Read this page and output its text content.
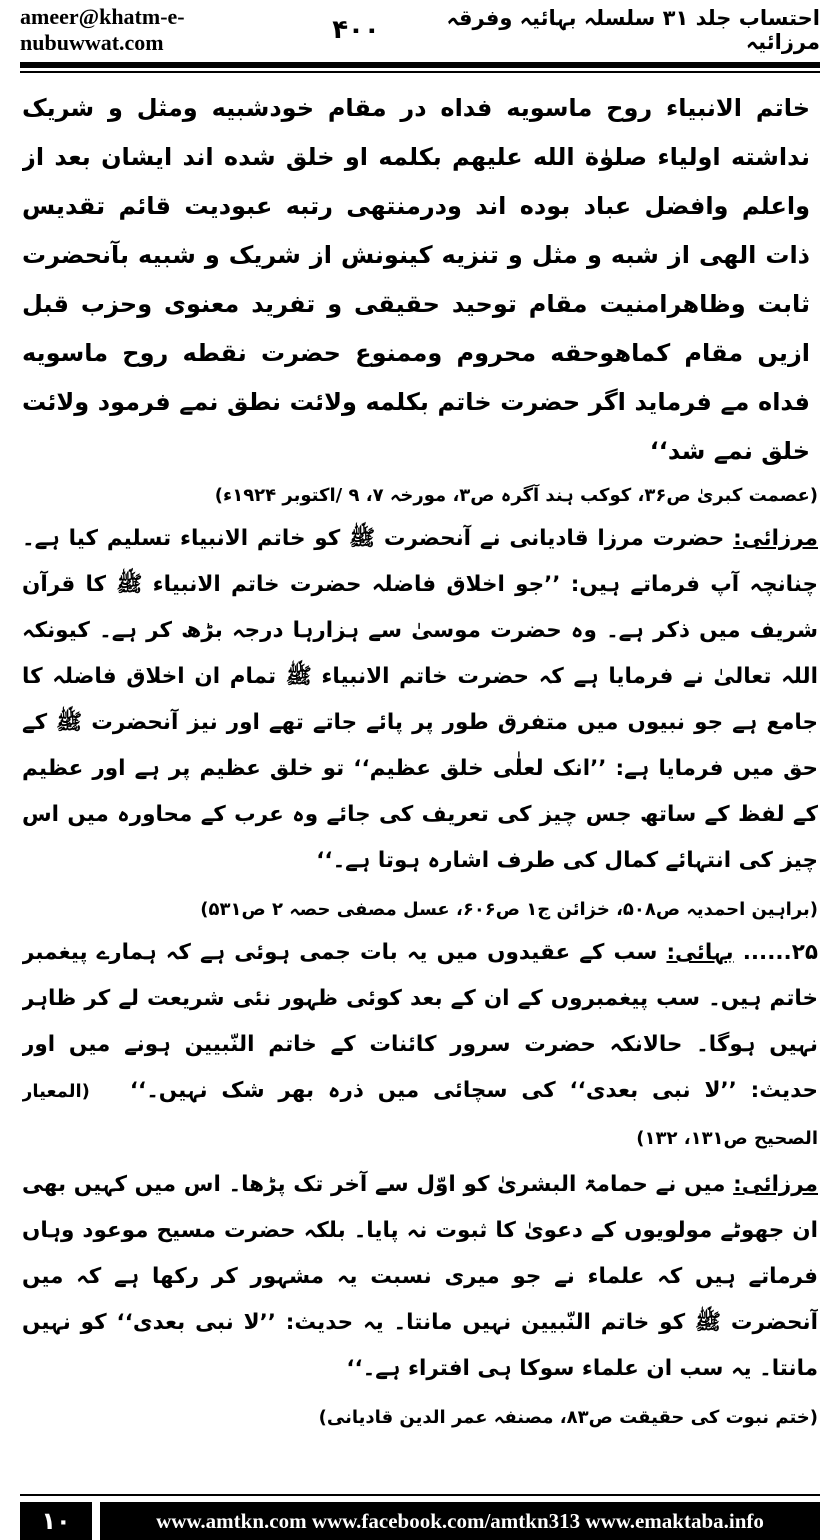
ameer@khatm-e-nubuwwat.com	۴۰۰	احتساب جلد ۳۱ سلسلہ بہائیہ وفرقہ مرزائیہ

خاتم الانبیاء روح ماسویه فداه در مقام خودشبیه ومثل و شریک نداشته اولیاء صلوٰة الله علیهم بکلمه او خلق شده اند ایشان بعد از واعلم وافضل عباد بوده اند ودرمنتهی رتبه عبودیت قائم تقدیس ذات الهی از شبه و مثل و تنزیه کینونش از شریک و شبیه بآنحضرت ثابت وظاهرامنیت مقام توحید حقیقی و تفرید معنوی وحزب قبل ازیں مقام کماهوحقه محروم وممنوع حضرت نقطه روح ماسویه فداه مے فرماید اگر حضرت خاتم بکلمه ولائت نطق نمے فرمود ولائت خلق نمے شد‘‘

(عصمت کبریٰ ص۳۶، کوکب ہند آگرہ ص۳، مورخہ ۷، ۹ /اکتوبر ۱۹۲۴ء)

مرزائی: حضرت مرزا قادیانی نے آنحضرت ﷺ کو خاتم الانبیاء تسلیم کیا ہے۔ چنانچہ آپ فرماتے ہیں: ’’جو اخلاق فاضلہ حضرت خاتم الانبیاء ﷺ کا قرآن شریف میں ذکر ہے۔ وہ حضرت موسیٰ سے ہزارہا درجہ بڑھ کر ہے۔ کیونکہ اللہ تعالیٰ نے فرمایا ہے کہ حضرت خاتم الانبیاء ﷺ تمام ان اخلاق فاضلہ کا جامع ہے جو نبیوں میں متفرق طور پر پائے جاتے تھے اور نیز آنحضرت ﷺ کے حق میں فرمایا ہے: ’’انک لعلٰی خلق عظیم‘‘ تو خلق عظیم پر ہے اور عظیم کے لفظ کے ساتھ جس چیز کی تعریف کی جائے وہ عرب کے محاورہ میں اس چیز کی انتہائے کمال کی طرف اشارہ ہوتا ہے۔‘‘

(براہین احمدیہ ص۵۰۸، خزائن ج۱ ص۶۰۶، عسل مصفی حصہ ۲ ص۵۳۱)

۲۵...... بہائی: سب کے عقیدوں میں یہ بات جمی ہوئی ہے کہ ہمارے پیغمبر خاتم ہیں۔ سب پیغمبروں کے ان کے بعد کوئی ظہور نئی شریعت لے کر ظاہر نہیں ہوگا۔ حالانکہ حضرت سرور کائنات کے خاتم النّبیین ہونے میں اور حدیث: ’’لا نبی بعدی‘‘ کی سچائی میں ذرہ بھر شک نہیں۔‘‘(المعیار الصحیح ص۱۳۱، ۱۳۲)

مرزائی: میں نے حمامۃ البشریٰ کو اوّل سے آخر تک پڑھا۔ اس میں کہیں بھی ان جھوٹے مولویوں کے دعویٰ کا ثبوت نہ پایا۔ بلکہ حضرت مسیح موعود وہاں فرماتے ہیں کہ علماء نے جو میری نسبت یہ مشہور کر رکھا ہے کہ میں آنحضرت ﷺ کو خاتم النّبیین نہیں مانتا۔ یہ حدیث: ’’لا نبی بعدی‘‘ کو نہیں مانتا۔ یہ سب ان علماء سوکا ہی افتراء ہے۔‘‘

(ختم نبوت کی حقیقت ص۸۳، مصنفہ عمر الدین قادیانی)

۱۰	www.amtkn.com www.facebook.com/amtkn313 www.emaktaba.info
